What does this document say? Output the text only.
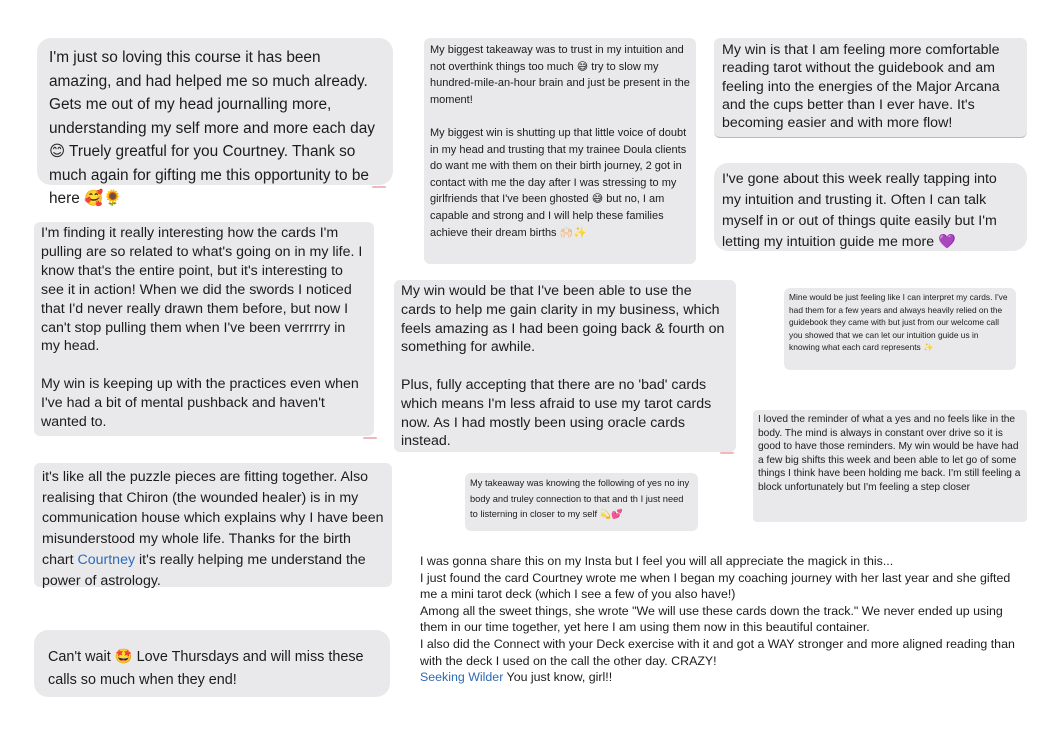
I'm just so loving this course it has been amazing, and had helped me so much already. Gets me out of my head journalling more, understanding my self more and more each day 😊 Truely greatful for you Courtney. Thank so much again for gifting me this opportunity to be here 🥰🌻

My biggest takeaway was to trust in my intuition and not overthink things too much 😅 try to slow my hundred-mile-an-hour brain and just be present in the moment!

My biggest win is shutting up that little voice of doubt in my head and trusting that my trainee Doula clients do want me with them on their birth journey, 2 got in contact with me the day after I was stressing to my girlfriends that I've been ghosted 😅 but no, I am capable and strong and I will help these families achieve their dream births 🙌🏻✨

My win is that I am feeling more comfortable reading tarot without the guidebook and am feeling into the energies of the Major Arcana and the cups better than I ever have. It's becoming easier and with more flow!

I've gone about this week really tapping into my intuition and trusting it. Often I can talk myself in or out of things quite easily but I'm letting my intuition guide me more 💜

I'm finding it really interesting how the cards I'm pulling are so related to what's going on in my life. I know that's the entire point, but it's interesting to see it in action! When we did the swords I noticed that I'd never really drawn them before, but now I can't stop pulling them when I've been verrrrry in my head.

My win is keeping up with the practices even when I've had a bit of mental pushback and haven't wanted to.

My win would be that I've been able to use the cards to help me gain clarity in my business, which feels amazing as I had been going back & fourth on something for awhile.

Plus, fully accepting that there are no 'bad' cards which means I'm less afraid to use my tarot cards now. As I had mostly been using oracle cards instead.

Mine would be just feeling like I can interpret my cards. I've had them for a few years and always heavily relied on the guidebook they came with but just from our welcome call you showed that we can let our intuition guide us in knowing what each card represents ✨

I loved the reminder of what a yes and no feels like in the body. The mind is always in constant over drive so it is good to have those reminders. My win would be have had a few big shifts this week and been able to let go of some things I think have been holding me back. I'm still feeling a block unfortunately but I'm feeling a step closer

it's like all the puzzle pieces are fitting together. Also realising that Chiron (the wounded healer) is in my communication house which explains why I have been misunderstood my whole life. Thanks for the birth chart Courtney it's really helping me understand the power of astrology.

My takeaway was knowing the following of yes no iny body and truley connection to that and th I just need to listerning in closer to my self 💫💕

I was gonna share this on my Insta but I feel you will all appreciate the magick in this...
I just found the card Courtney wrote me when I began my coaching journey with her last year and she gifted me a mini tarot deck (which I see a few of you also have!)
Among all the sweet things, she wrote "We will use these cards down the track." We never ended up using them in our time together, yet here I am using them now in this beautiful container.
I also did the Connect with your Deck exercise with it and got a WAY stronger and more aligned reading than with the deck I used on the call the other day. CRAZY!

Seeking Wilder You just know, girl!!

Can't wait 🤩 Love Thursdays and will miss these calls so much when they end!
